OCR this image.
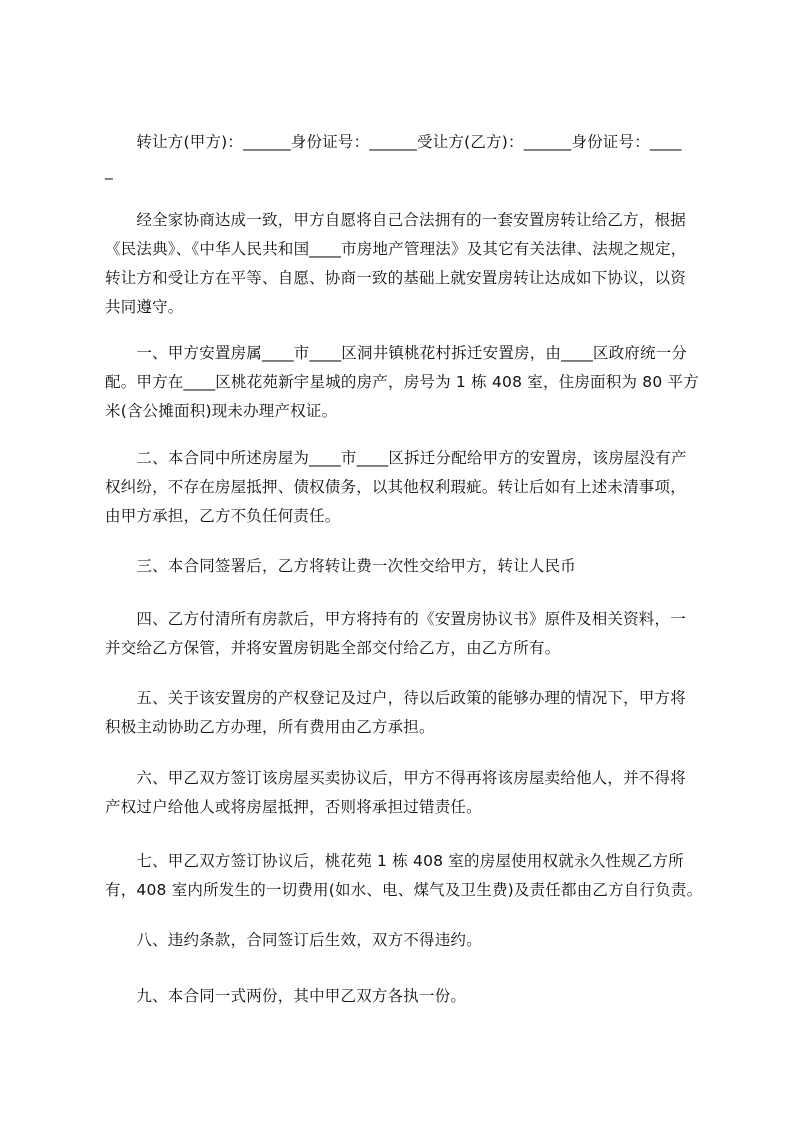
　　转让方(甲方)：______身份证号：______受让方(乙方)：______身份证号：____
_
　　经全家协商达成一致，甲方自愿将自己合法拥有的一套安置房转让给乙方，根据
《民法典》、《中华人民共和国____市房地产管理法》及其它有关法律、法规之规定，
转让方和受让方在平等、自愿、协商一致的基础上就安置房转让达成如下协议，以资
共同遵守。
　　一、甲方安置房属____市____区洞井镇桃花村拆迁安置房，由____区政府统一分
配。甲方在____区桃花苑新宇星城的房产，房号为 1 栋 408 室，住房面积为 80 平方
米(含公摊面积)现未办理产权证。
　　二、本合同中所述房屋为____市____区拆迁分配给甲方的安置房，该房屋没有产
权纠纷，不存在房屋抵押、债权债务，以其他权利瑕疵。转让后如有上述未清事项，
由甲方承担，乙方不负任何责任。
　　三、本合同签署后，乙方将转让费一次性交给甲方，转让人民币
　　四、乙方付清所有房款后，甲方将持有的《安置房协议书》原件及相关资料，一
并交给乙方保管，并将安置房钥匙全部交付给乙方，由乙方所有。
　　五、关于该安置房的产权登记及过户，待以后政策的能够办理的情况下，甲方将
积极主动协助乙方办理，所有费用由乙方承担。
　　六、甲乙双方签订该房屋买卖协议后，甲方不得再将该房屋卖给他人，并不得将
产权过户给他人或将房屋抵押，否则将承担过错责任。
　　七、甲乙双方签订协议后，桃花苑 1 栋 408 室的房屋使用权就永久性规乙方所
有，408 室内所发生的一切费用(如水、电、煤气及卫生费)及责任都由乙方自行负责。
　　八、违约条款，合同签订后生效，双方不得违约。
　　九、本合同一式两份，其中甲乙双方各执一份。
